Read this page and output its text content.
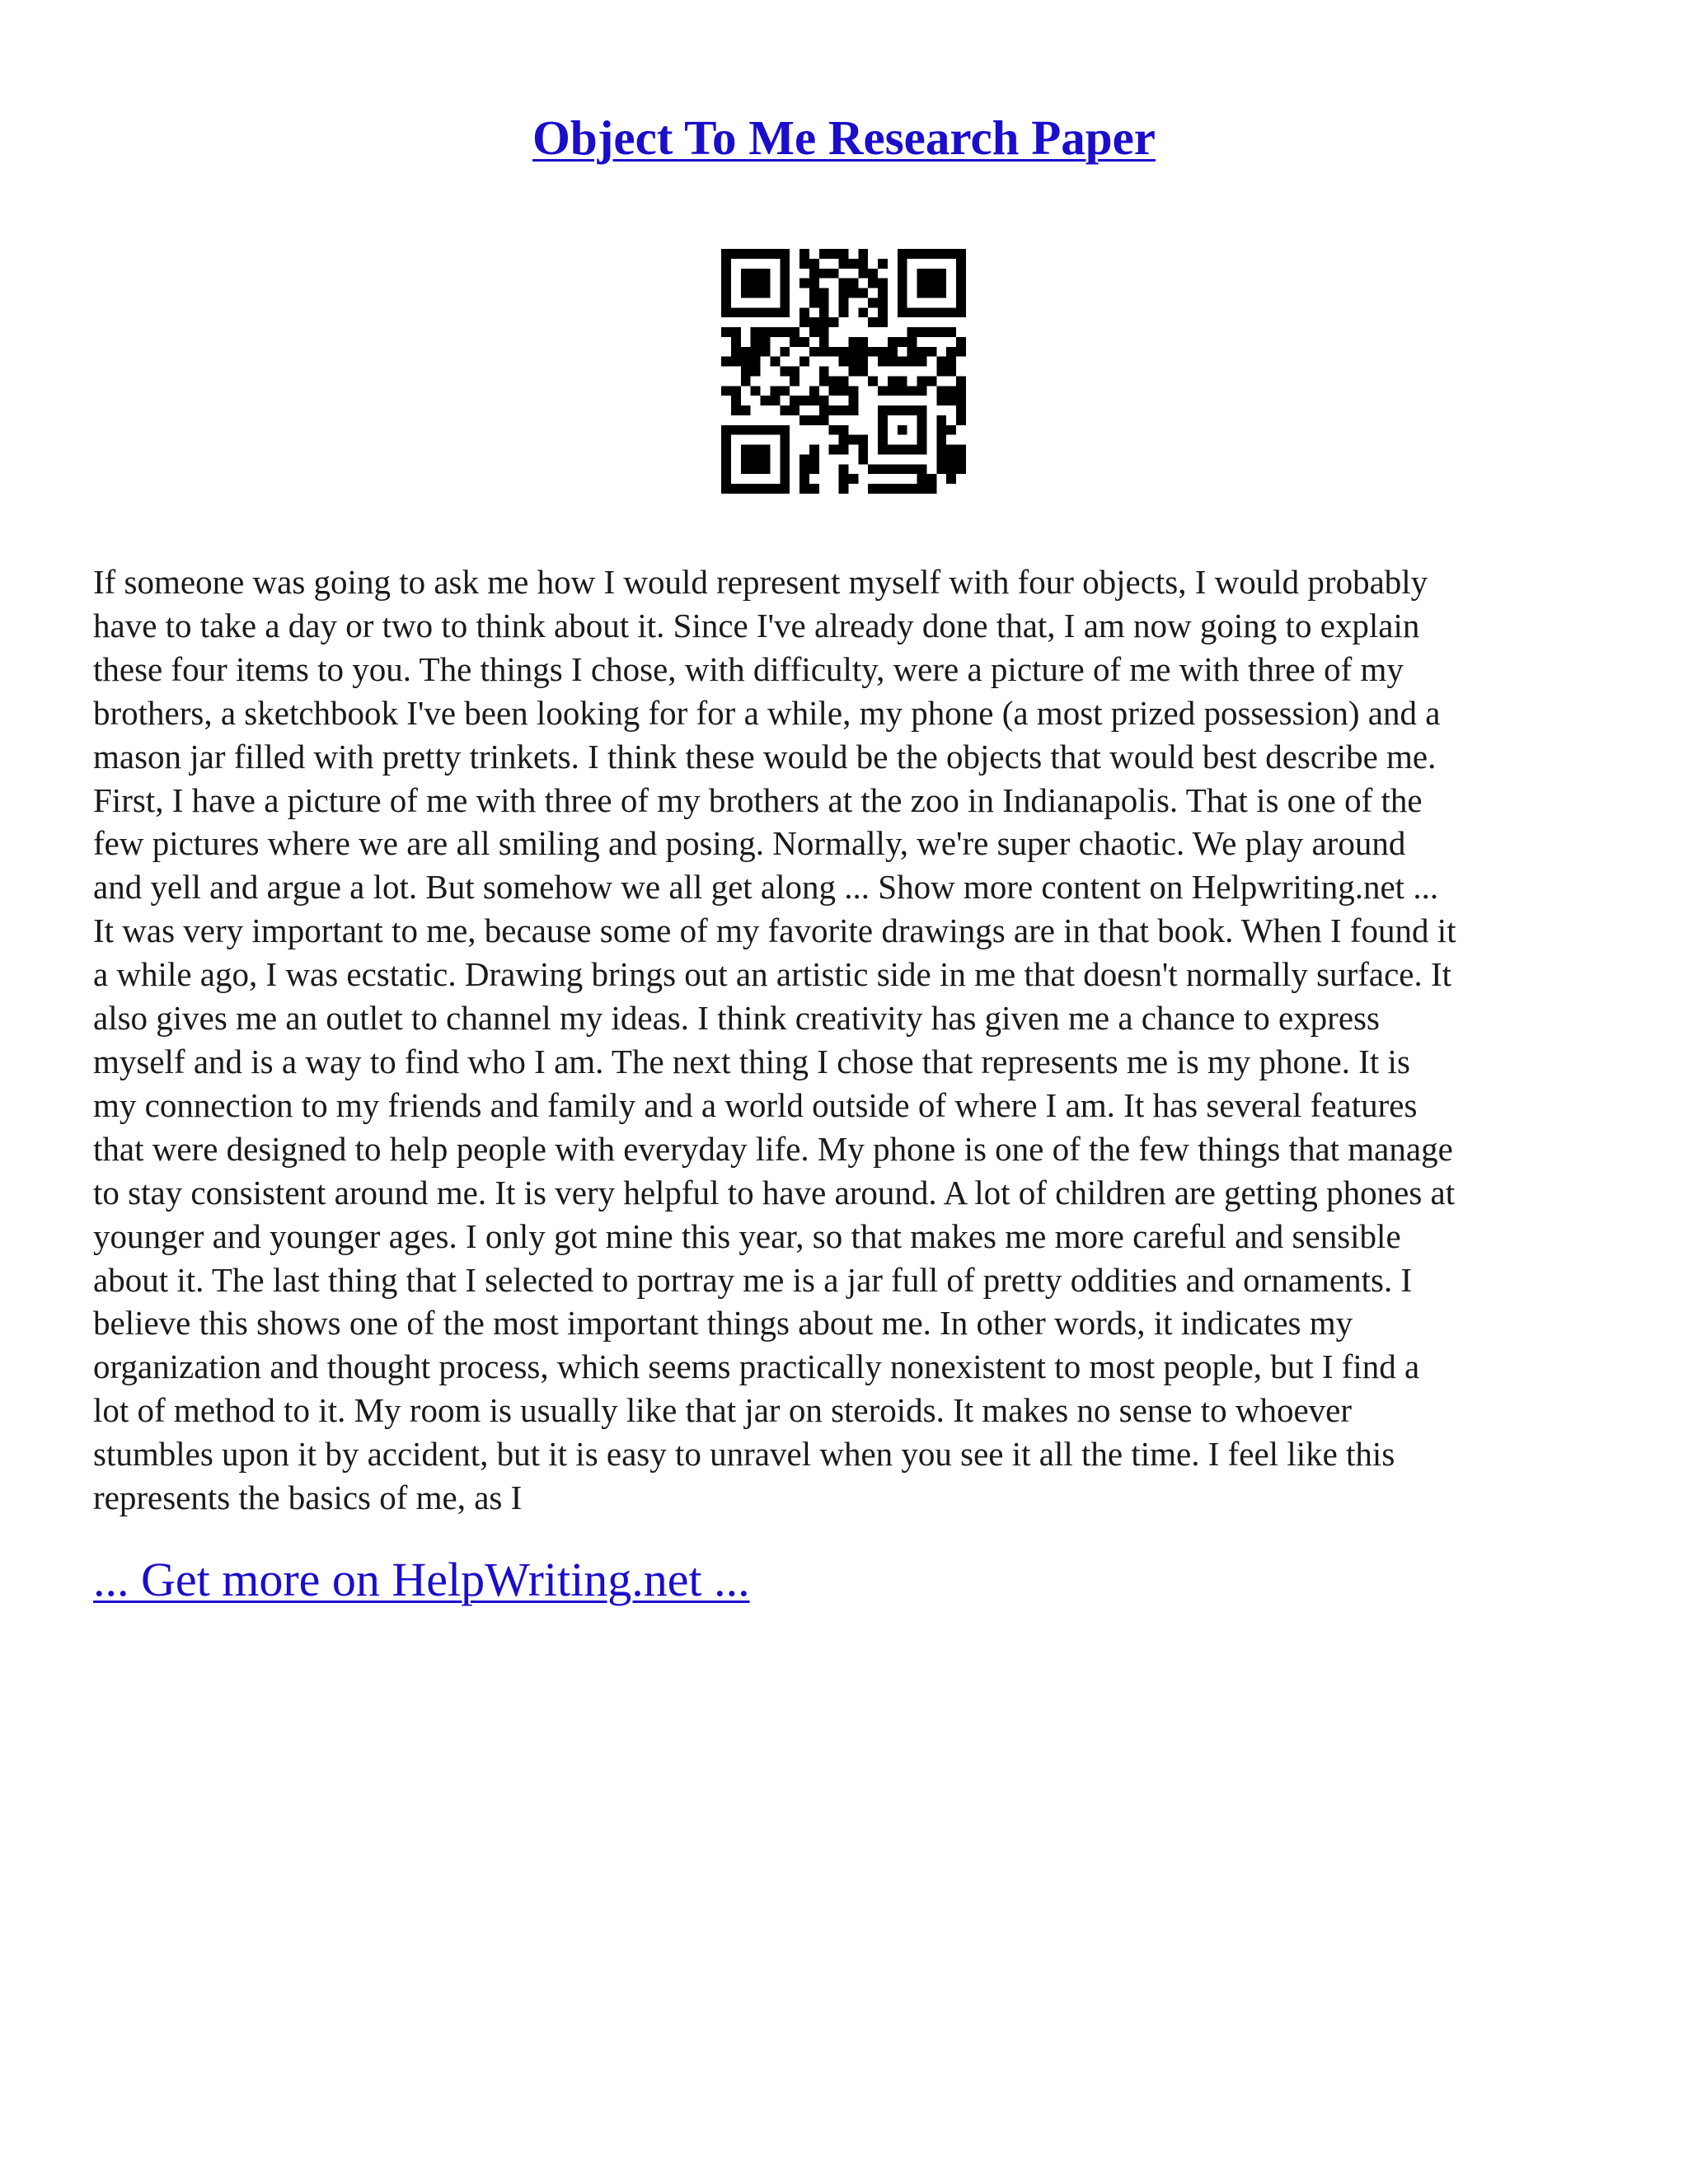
Object To Me Research Paper

If someone was going to ask me how I would represent myself with four objects, I would probably
have to take a day or two to think about it. Since I've already done that, I am now going to explain
these four items to you. The things I chose, with difficulty, were a picture of me with three of my
brothers, a sketchbook I've been looking for for a while, my phone (a most prized possession) and a
mason jar filled with pretty trinkets. I think these would be the objects that would best describe me.
First, I have a picture of me with three of my brothers at the zoo in Indianapolis. That is one of the
few pictures where we are all smiling and posing. Normally, we're super chaotic. We play around
and yell and argue a lot. But somehow we all get along ... Show more content on Helpwriting.net ...
It was very important to me, because some of my favorite drawings are in that book. When I found it
a while ago, I was ecstatic. Drawing brings out an artistic side in me that doesn't normally surface. It
also gives me an outlet to channel my ideas. I think creativity has given me a chance to express
myself and is a way to find who I am. The next thing I chose that represents me is my phone. It is
my connection to my friends and family and a world outside of where I am. It has several features
that were designed to help people with everyday life. My phone is one of the few things that manage
to stay consistent around me. It is very helpful to have around. A lot of children are getting phones at
younger and younger ages. I only got mine this year, so that makes me more careful and sensible
about it. The last thing that I selected to portray me is a jar full of pretty oddities and ornaments. I
believe this shows one of the most important things about me. In other words, it indicates my
organization and thought process, which seems practically nonexistent to most people, but I find a
lot of method to it. My room is usually like that jar on steroids. It makes no sense to whoever
stumbles upon it by accident, but it is easy to unravel when you see it all the time. I feel like this
represents the basics of me, as I

... Get more on HelpWriting.net ...
